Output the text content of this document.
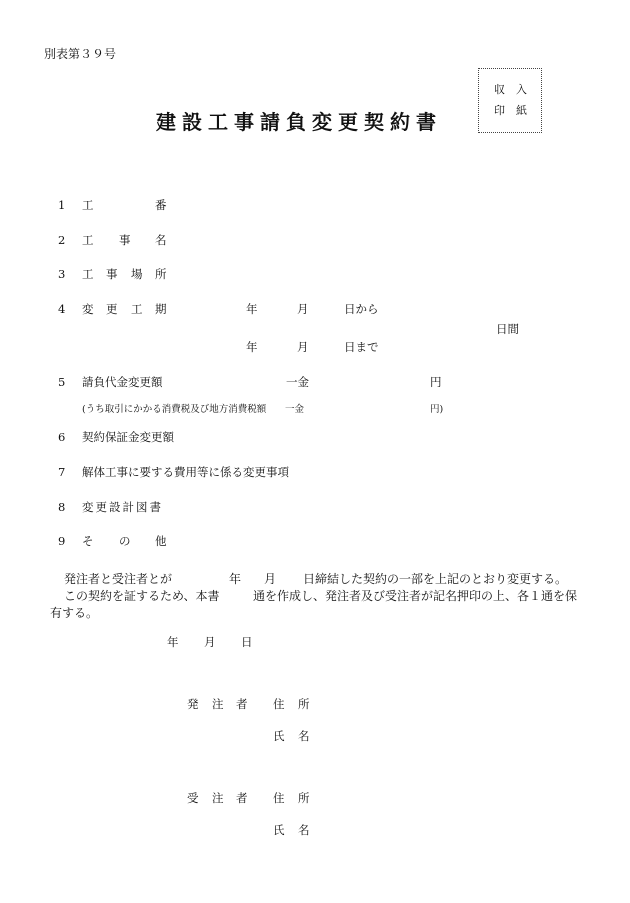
別表第３９号
収 入
印 紙
建設工事請負変更契約書
1 工	番
2 工 事 名
3 工 事 場 所
4 変 更 工 期	年	月	日から
日間
年	月	日まで
5 請負代金変更額	一金	円
(うち取引にかかる消費税及び地方消費税額 一金	円)
6 契約保証金変更額
7 解体工事に要する費用等に係る変更事項
8 変更設計図書
9 そ の 他
発注者と受注者とが	年 月 日締結した契約の一部を上記のとおり変更する。
この契約を証するため、本書	通を作成し、発注者及び受注者が記名押印の上、各１通を保
有する。
年 月 日
発 注 者 住 所
氏 名
受 注 者 住 所
氏 名
